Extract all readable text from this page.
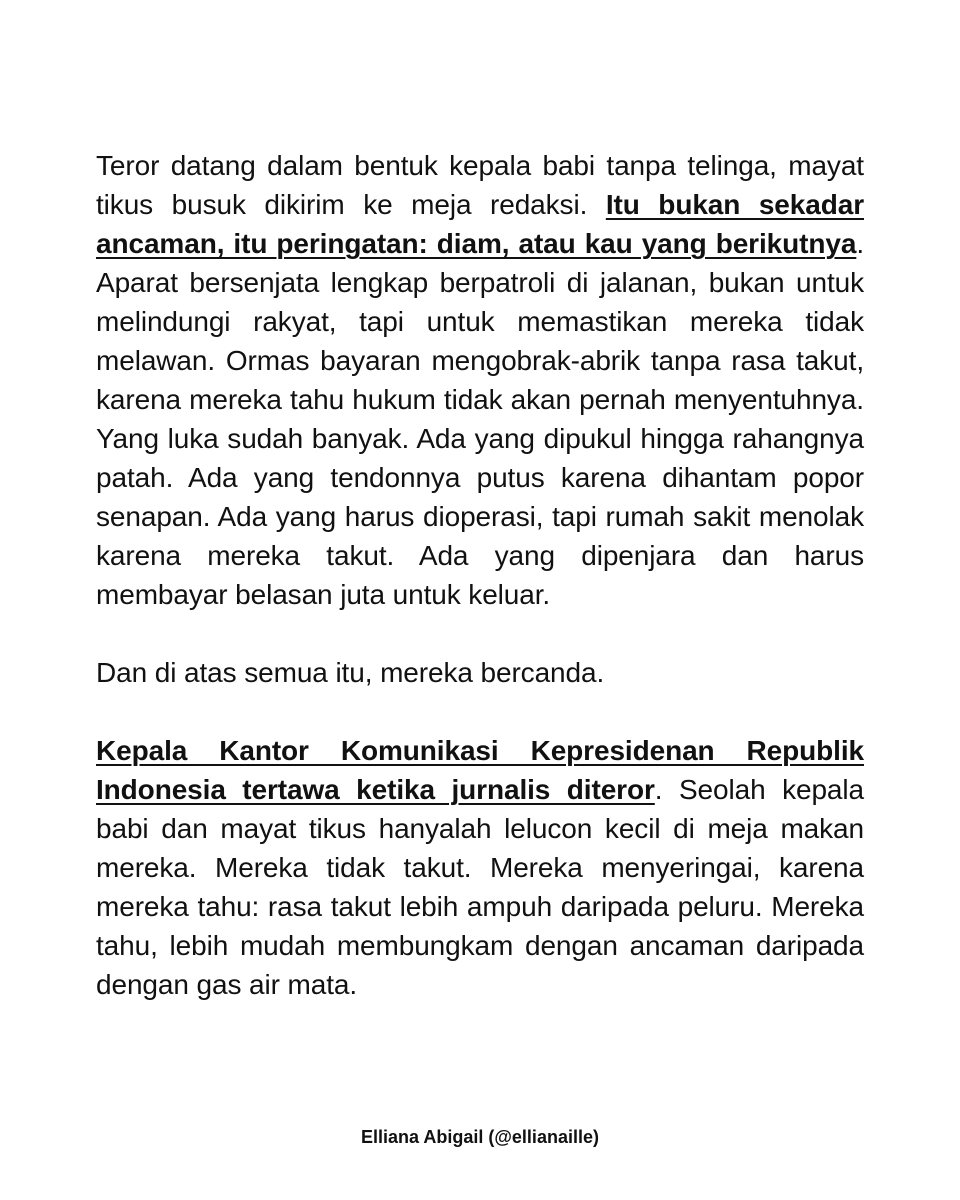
Teror datang dalam bentuk kepala babi tanpa telinga, mayat tikus busuk dikirim ke meja redaksi. Itu bukan sekadar ancaman, itu peringatan: diam, atau kau yang berikutnya. Aparat bersenjata lengkap berpatroli di jalanan, bukan untuk melindungi rakyat, tapi untuk memastikan mereka tidak melawan. Ormas bayaran mengobrak-abrik tanpa rasa takut, karena mereka tahu hukum tidak akan pernah menyentuhnya. Yang luka sudah banyak. Ada yang dipukul hingga rahangnya patah. Ada yang tendonnya putus karena dihantam popor senapan. Ada yang harus dioperasi, tapi rumah sakit menolak karena mereka takut. Ada yang dipenjara dan harus membayar belasan juta untuk keluar.

Dan di atas semua itu, mereka bercanda.

Kepala Kantor Komunikasi Kepresidenan Republik Indonesia tertawa ketika jurnalis diteror. Seolah kepala babi dan mayat tikus hanyalah lelucon kecil di meja makan mereka. Mereka tidak takut. Mereka menyeringai, karena mereka tahu: rasa takut lebih ampuh daripada peluru. Mereka tahu, lebih mudah membungkam dengan ancaman daripada dengan gas air mata.

Elliana Abigail (@ellianaille)
